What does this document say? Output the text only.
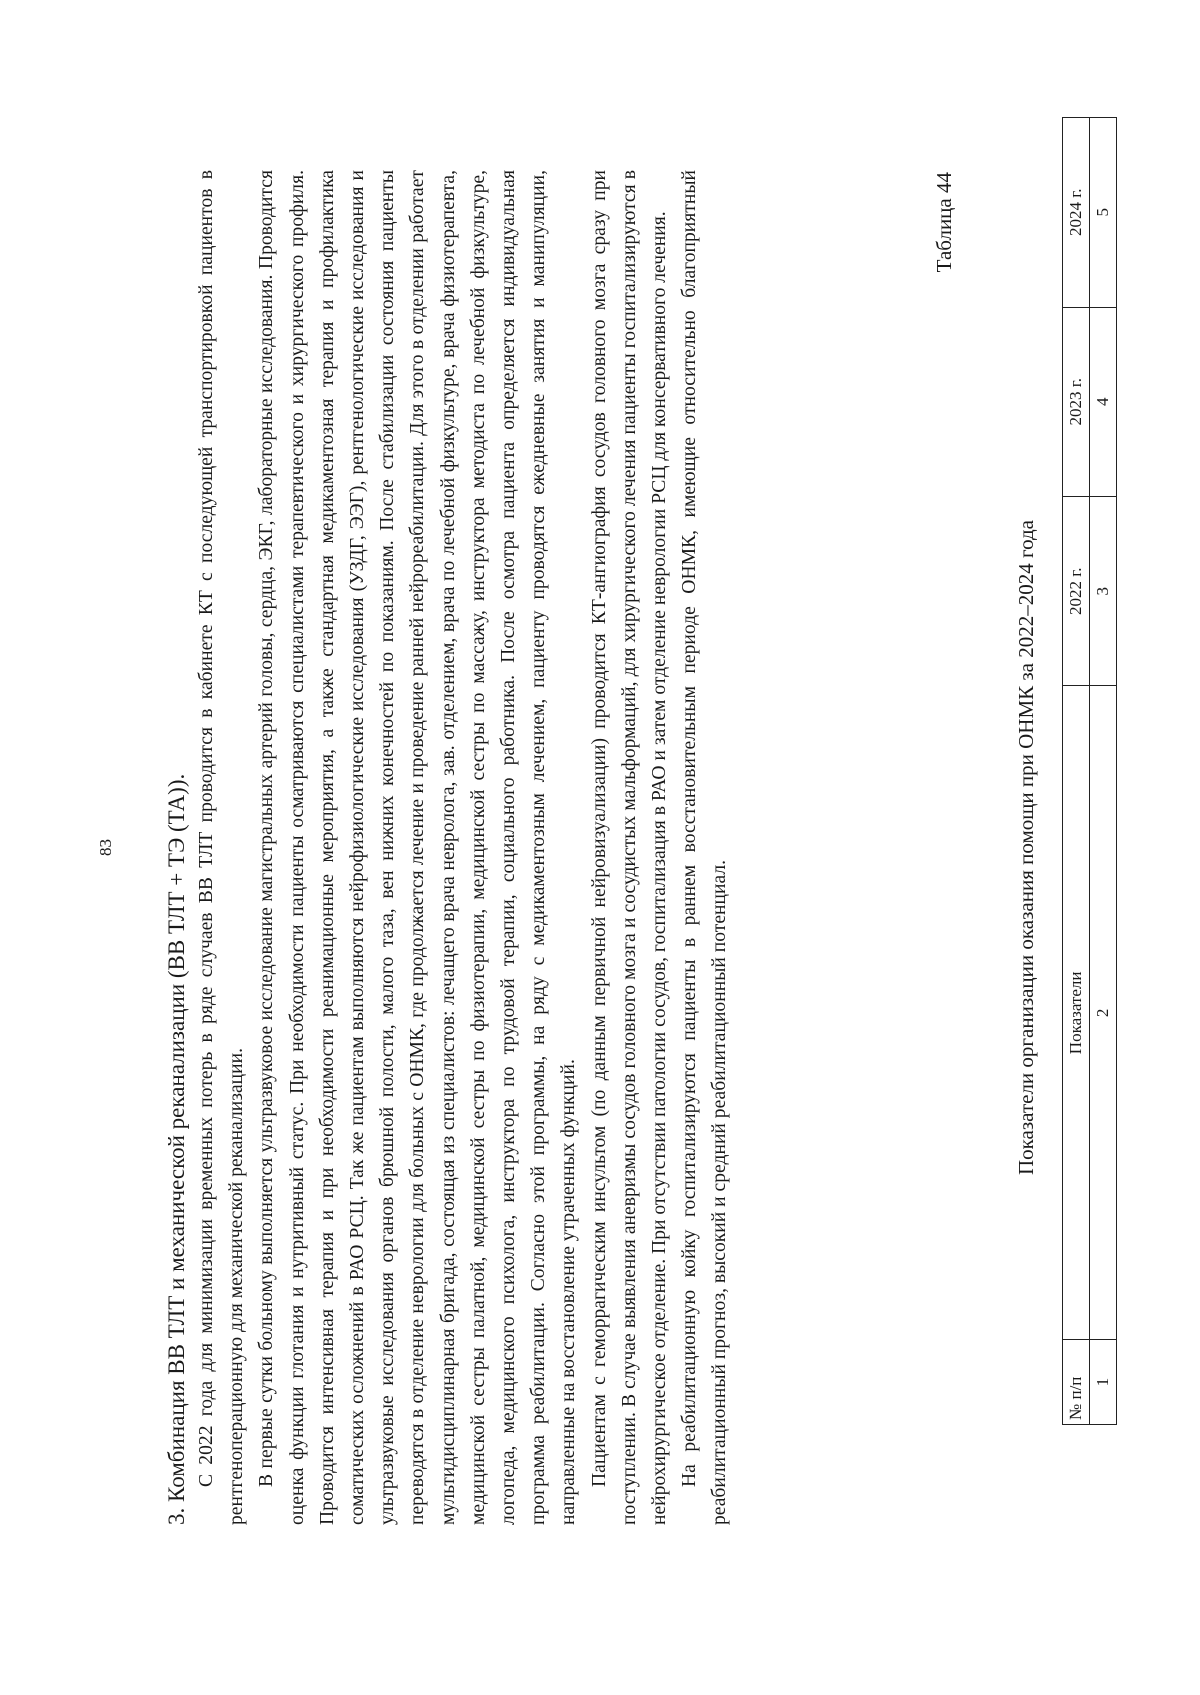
83 3. Комбинация ВВ ТЛТ и механической реканализации (ВВ ТЛТ + ТЭ (ТА)). С 2022 года для минимизации временных потерь в ряде случаев ВВ ТЛТ проводится в кабинете КТ с последующей транспортировкой пациентов в рентгеноперационную для механической реканализации. В первые сутки больному выполняется ультразвуковое исследование магистральных артерий головы, сердца, ЭКГ, лабораторные исследования. Проводится оценка функции глотания и нутритивный статус. При необходимости пациенты осматриваются специалистами терапевтического и хирургического профиля. Проводится интенсивная терапия и при необходимости реанимационные мероприятия, а также стандартная медикаментозная терапия и профилактика соматических осложнений в РАО РСЦ. Так же пациентам выполняются нейрофизиологические исследования (УЗДГ, ЭЭГ), рентгенологические исследования и ультразвуковые исследования органов брюшной полости, малого таза, вен нижних конечностей по показаниям. После стабилизации состояния пациенты переводятся в отделение неврологии для больных с ОНМК, где продолжается лечение и проведение ранней нейрореабилитации. Для этого в отделении работает мультидисциплинарная бригада, состоящая из специалистов: лечащего врача невролога, зав. отделением, врача по лечебной физкультуре, врача физиотерапевта, медицинской сестры палатной, медицинской сестры по физиотерапии, медицинской сестры по массажу, инструктора методиста по лечебной физкультуре, логопеда, медицинского психолога, инструктора по трудовой терапии, социального работника. После осмотра пациента определяется индивидуальная программа реабилитации. Согласно этой программы, на ряду с медикаментозным лечением, пациенту проводятся ежедневные занятия и манипуляции, направленные на восстановление утраченных функций. Пациентам с геморрагическим инсультом (по данным первичной нейровизуализации) проводится КТ-ангиография сосудов головного мозга сразу при поступлении. В случае выявления аневризмы сосудов головного мозга и сосудистых мальформаций, для хирургического лечения пациенты госпитализируются в нейрохирургическое отделение. При отсутствии патологии сосудов, госпитализация в РАО и затем отделение неврологии РСЦ для консервативного лечения. На реабилитационную койку госпитализируются пациенты в раннем восстановительным периоде ОНМК, имеющие относительно благоприятный реабилитационный прогноз, высокий и средний реабилитационный потенциал.

Таблица 44
Показатели организации оказания помощи при ОНМК за 2022–2024 года
№ п/п	Показатели	2022 г.	2023 г.	2024 г.
1	2	3	4	5
